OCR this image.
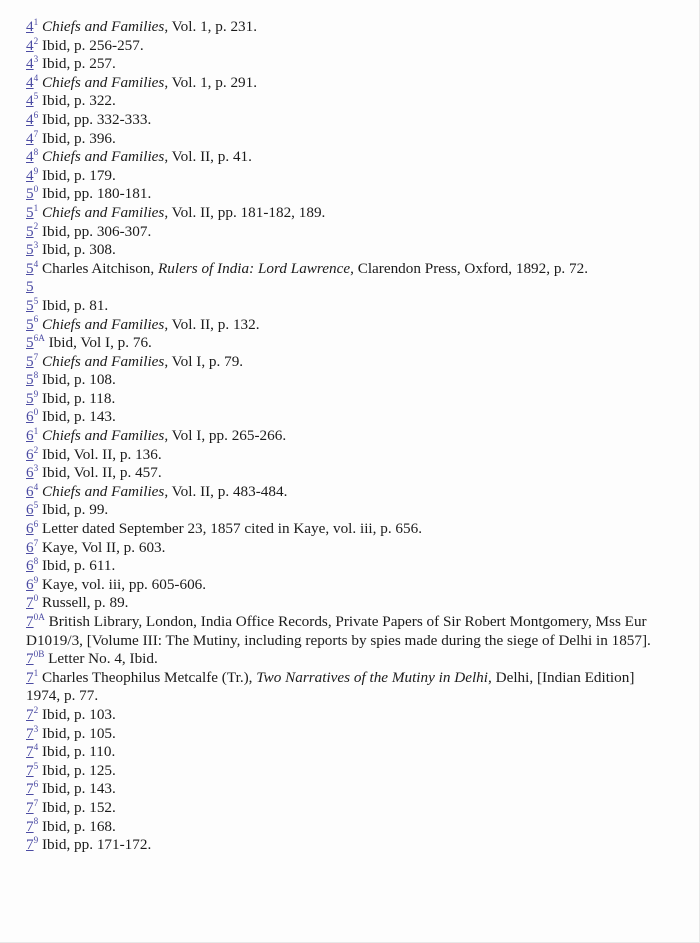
41 Chiefs and Families, Vol. 1, p. 231.

42 Ibid, p. 256-257.

43 Ibid, p. 257.

44 Chiefs and Families, Vol. 1, p. 291.

45 Ibid, p. 322.

46 Ibid, pp. 332-333.

47 Ibid, p. 396.

48 Chiefs and Families, Vol. II, p. 41.

49 Ibid, p. 179.

50 Ibid, pp. 180-181.

51 Chiefs and Families, Vol. II, pp. 181-182, 189.

52 Ibid, pp. 306-307.

53 Ibid, p. 308.

54 Charles Aitchison, Rulers of India: Lord Lawrence, Clarendon Press, Oxford, 1892, p. 72.

5

55 Ibid, p. 81.

56 Chiefs and Families, Vol. II, p. 132.

56A Ibid, Vol I, p. 76.

57 Chiefs and Families, Vol I, p. 79.

58 Ibid, p. 108.

59 Ibid, p. 118.

60 Ibid, p. 143.

61 Chiefs and Families, Vol I, pp. 265-266.

62 Ibid, Vol. II, p. 136.

63 Ibid, Vol. II, p. 457.

64 Chiefs and Families, Vol. II, p. 483-484.

65 Ibid, p. 99.

66 Letter dated September 23, 1857 cited in Kaye, vol. iii, p. 656.

67 Kaye, Vol II, p. 603.

68 Ibid, p. 611.

69 Kaye, vol. iii, pp. 605-606.

70 Russell, p. 89.

70A British Library, London, India Office Records, Private Papers of Sir Robert Montgomery, Mss Eur D1019/3, [Volume III: The Mutiny, including reports by spies made during the siege of Delhi in 1857].

70B Letter No. 4, Ibid.

71 Charles Theophilus Metcalfe (Tr.), Two Narratives of the Mutiny in Delhi, Delhi, [Indian Edition] 1974, p. 77.

72 Ibid, p. 103.

73 Ibid, p. 105.

74 Ibid, p. 110.

75 Ibid, p. 125.

76 Ibid, p. 143.

77 Ibid, p. 152.

78 Ibid, p. 168.

79 Ibid, pp. 171-172.
